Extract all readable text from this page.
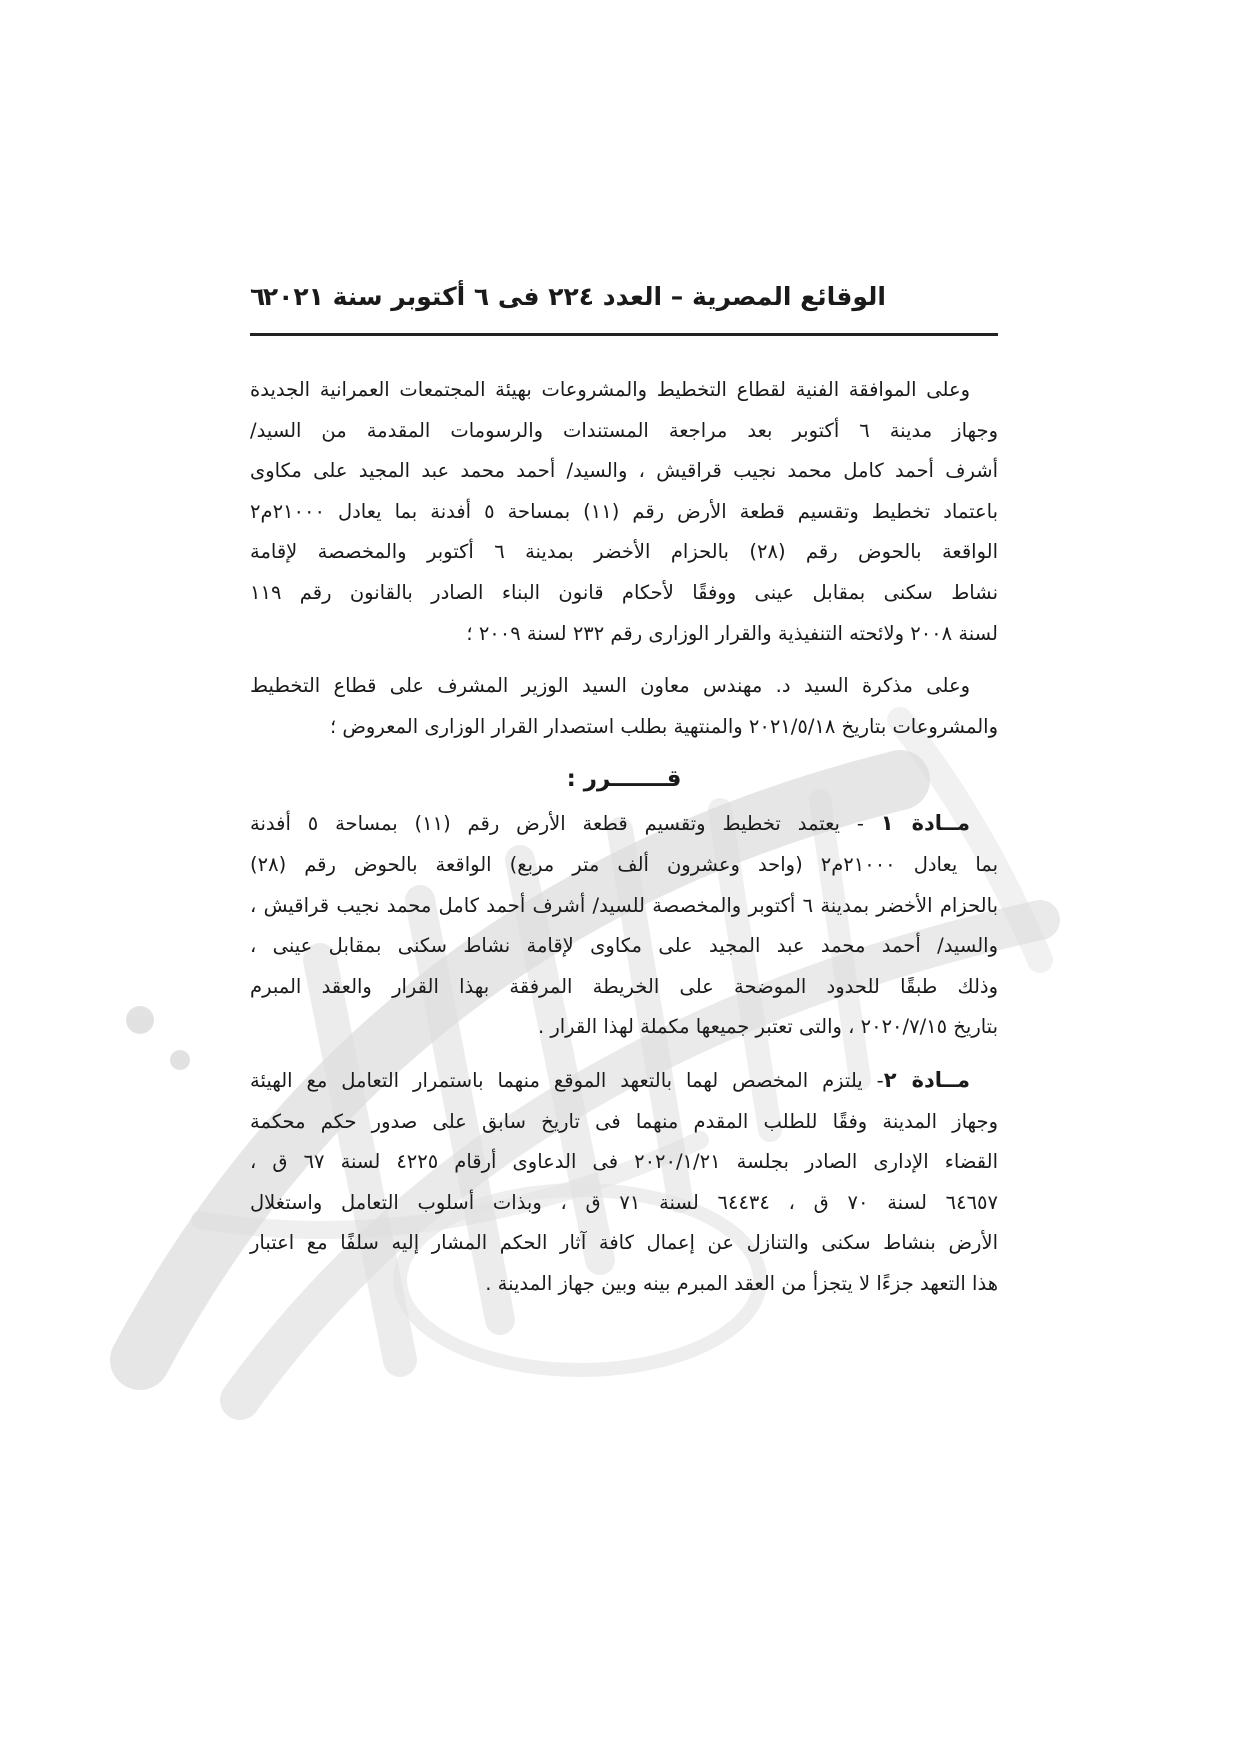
الوقائع المصرية – العدد ٢٢٤ فى ٦ أكتوبر سنة ٢٠٢١
٦
وعلى الموافقة الفنية لقطاع التخطيط والمشروعات بهيئة المجتمعات العمرانية الجديدة
وجهاز مدينة ٦ أكتوبر بعد مراجعة المستندات والرسومات المقدمة من السيد/
أشرف أحمد كامل محمد نجيب قراقيش ، والسيد/ أحمد محمد عبد المجيد على مكاوى
باعتماد تخطيط وتقسيم قطعة الأرض رقم (١١) بمساحة ٥ أفدنة بما يعادل ٢١٠٠٠م٢
الواقعة بالحوض رقم (٢٨) بالحزام الأخضر بمدينة ٦ أكتوبر والمخصصة لإقامة
نشاط سكنى بمقابل عينى ووفقًا لأحكام قانون البناء الصادر بالقانون رقم ١١٩
لسنة ٢٠٠٨ ولائحته التنفيذية والقرار الوزارى رقم ٢٣٢ لسنة ٢٠٠٩ ؛
وعلى مذكرة السيد د. مهندس معاون السيد الوزير المشرف على قطاع التخطيط
والمشروعات بتاريخ ٢٠٢١/٥/١٨ والمنتهية بطلب استصدار القرار الوزارى المعروض ؛
قـــــــرر :
مــادة ١ - يعتمد تخطيط وتقسيم قطعة الأرض رقم (١١) بمساحة ٥ أفدنة
بما يعادل ٢١٠٠٠م٢ (واحد وعشرون ألف متر مربع) الواقعة بالحوض رقم (٢٨)
بالحزام الأخضر بمدينة ٦ أكتوبر والمخصصة للسيد/ أشرف أحمد كامل محمد نجيب قراقيش ،
والسيد/ أحمد محمد عبد المجيد على مكاوى لإقامة نشاط سكنى بمقابل عينى ،
وذلك طبقًا للحدود الموضحة على الخريطة المرفقة بهذا القرار والعقد المبرم
بتاريخ ٢٠٢٠/٧/١٥ ، والتى تعتبر جميعها مكملة لهذا القرار .
مــادة ٢- يلتزم المخصص لهما بالتعهد الموقع منهما باستمرار التعامل مع الهيئة
وجهاز المدينة وفقًا للطلب المقدم منهما فى تاريخ سابق على صدور حكم محكمة
القضاء الإدارى الصادر بجلسة ٢٠٢٠/١/٢١ فى الدعاوى أرقام ٤٢٢٥ لسنة ٦٧ ق ،
٦٤٦٥٧ لسنة ٧٠ ق ، ٦٤٤٣٤ لسنة ٧١ ق ، وبذات أسلوب التعامل واستغلال
الأرض بنشاط سكنى والتنازل عن إعمال كافة آثار الحكم المشار إليه سلفًا مع اعتبار
هذا التعهد جزءًا لا يتجزأ من العقد المبرم بينه وبين جهاز المدينة .
